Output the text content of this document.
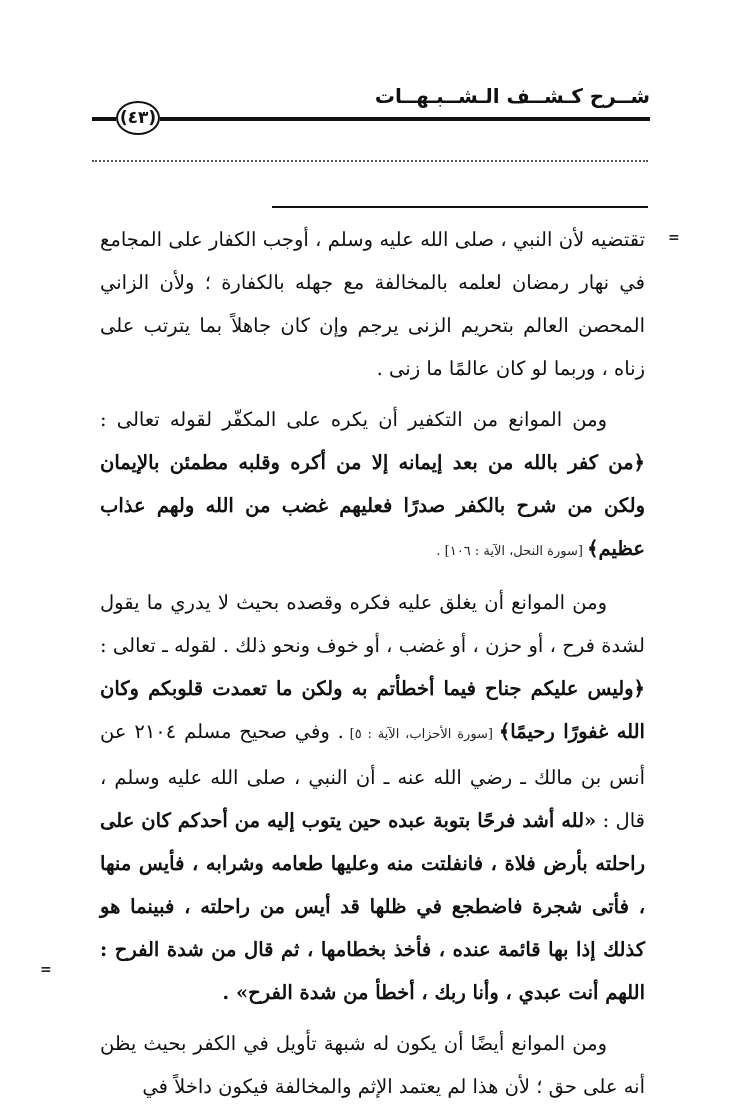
شــرح كـشــف الـشــبـهــات
(٤٣)
=
=

تقتضيه لأن النبي ، صلى الله عليه وسلم ، أوجب الكفار على المجامع في نهار رمضان لعلمه بالمخالفة مع جهله بالكفارة ؛ ولأن الزاني المحصن العالم بتحريم الزنى يرجم وإن كان جاهلاً بما يترتب على زناه ، وربما لو كان عالمًا ما زنى .

ومن الموانع من التكفير أن يكره على المكفّر لقوله تعالى : ﴿من كفر بالله من بعد إيمانه إلا من أكره وقلبه مطمئن بالإيمان ولكن من شرح بالكفر صدرًا فعليهم غضب من الله ولهم عذاب عظيم﴾ [سورة النحل، الآية : ١٠٦] .

ومن الموانع أن يغلق عليه فكره وقصده بحيث لا يدري ما يقول لشدة فرح ، أو حزن ، أو غضب ، أو خوف ونحو ذلك . لقوله ـ تعالى : ﴿وليس عليكم جناح فيما أخطأتم به ولكن ما تعمدت قلوبكم وكان الله غفورًا رحيمًا﴾ [سورة الأحزاب، الآية : ٥] . وفي صحيح مسلم ٢١٠٤ عن أنس بن مالك ـ رضي الله عنه ـ أن النبي ، صلى الله عليه وسلم ، قال : «لله أشد فرحًا بتوبة عبده حين يتوب إليه من أحدكم كان على راحلته بأرض فلاة ، فانفلتت منه وعليها طعامه وشرابه ، فأيس منها ، فأتى شجرة فاضطجع في ظلها قد أيس من راحلته ، فبينما هو كذلك إذا بها قائمة عنده ، فأخذ بخطامها ، ثم قال من شدة الفرح : اللهم أنت عبدي ، وأنا ربك ، أخطأ من شدة الفرح» .

ومن الموانع أيضًا أن يكون له شبهة تأويل في الكفر بحيث يظن أنه على حق ؛ لأن هذا لم يعتمد الإثم والمخالفة فيكون داخلاً في
